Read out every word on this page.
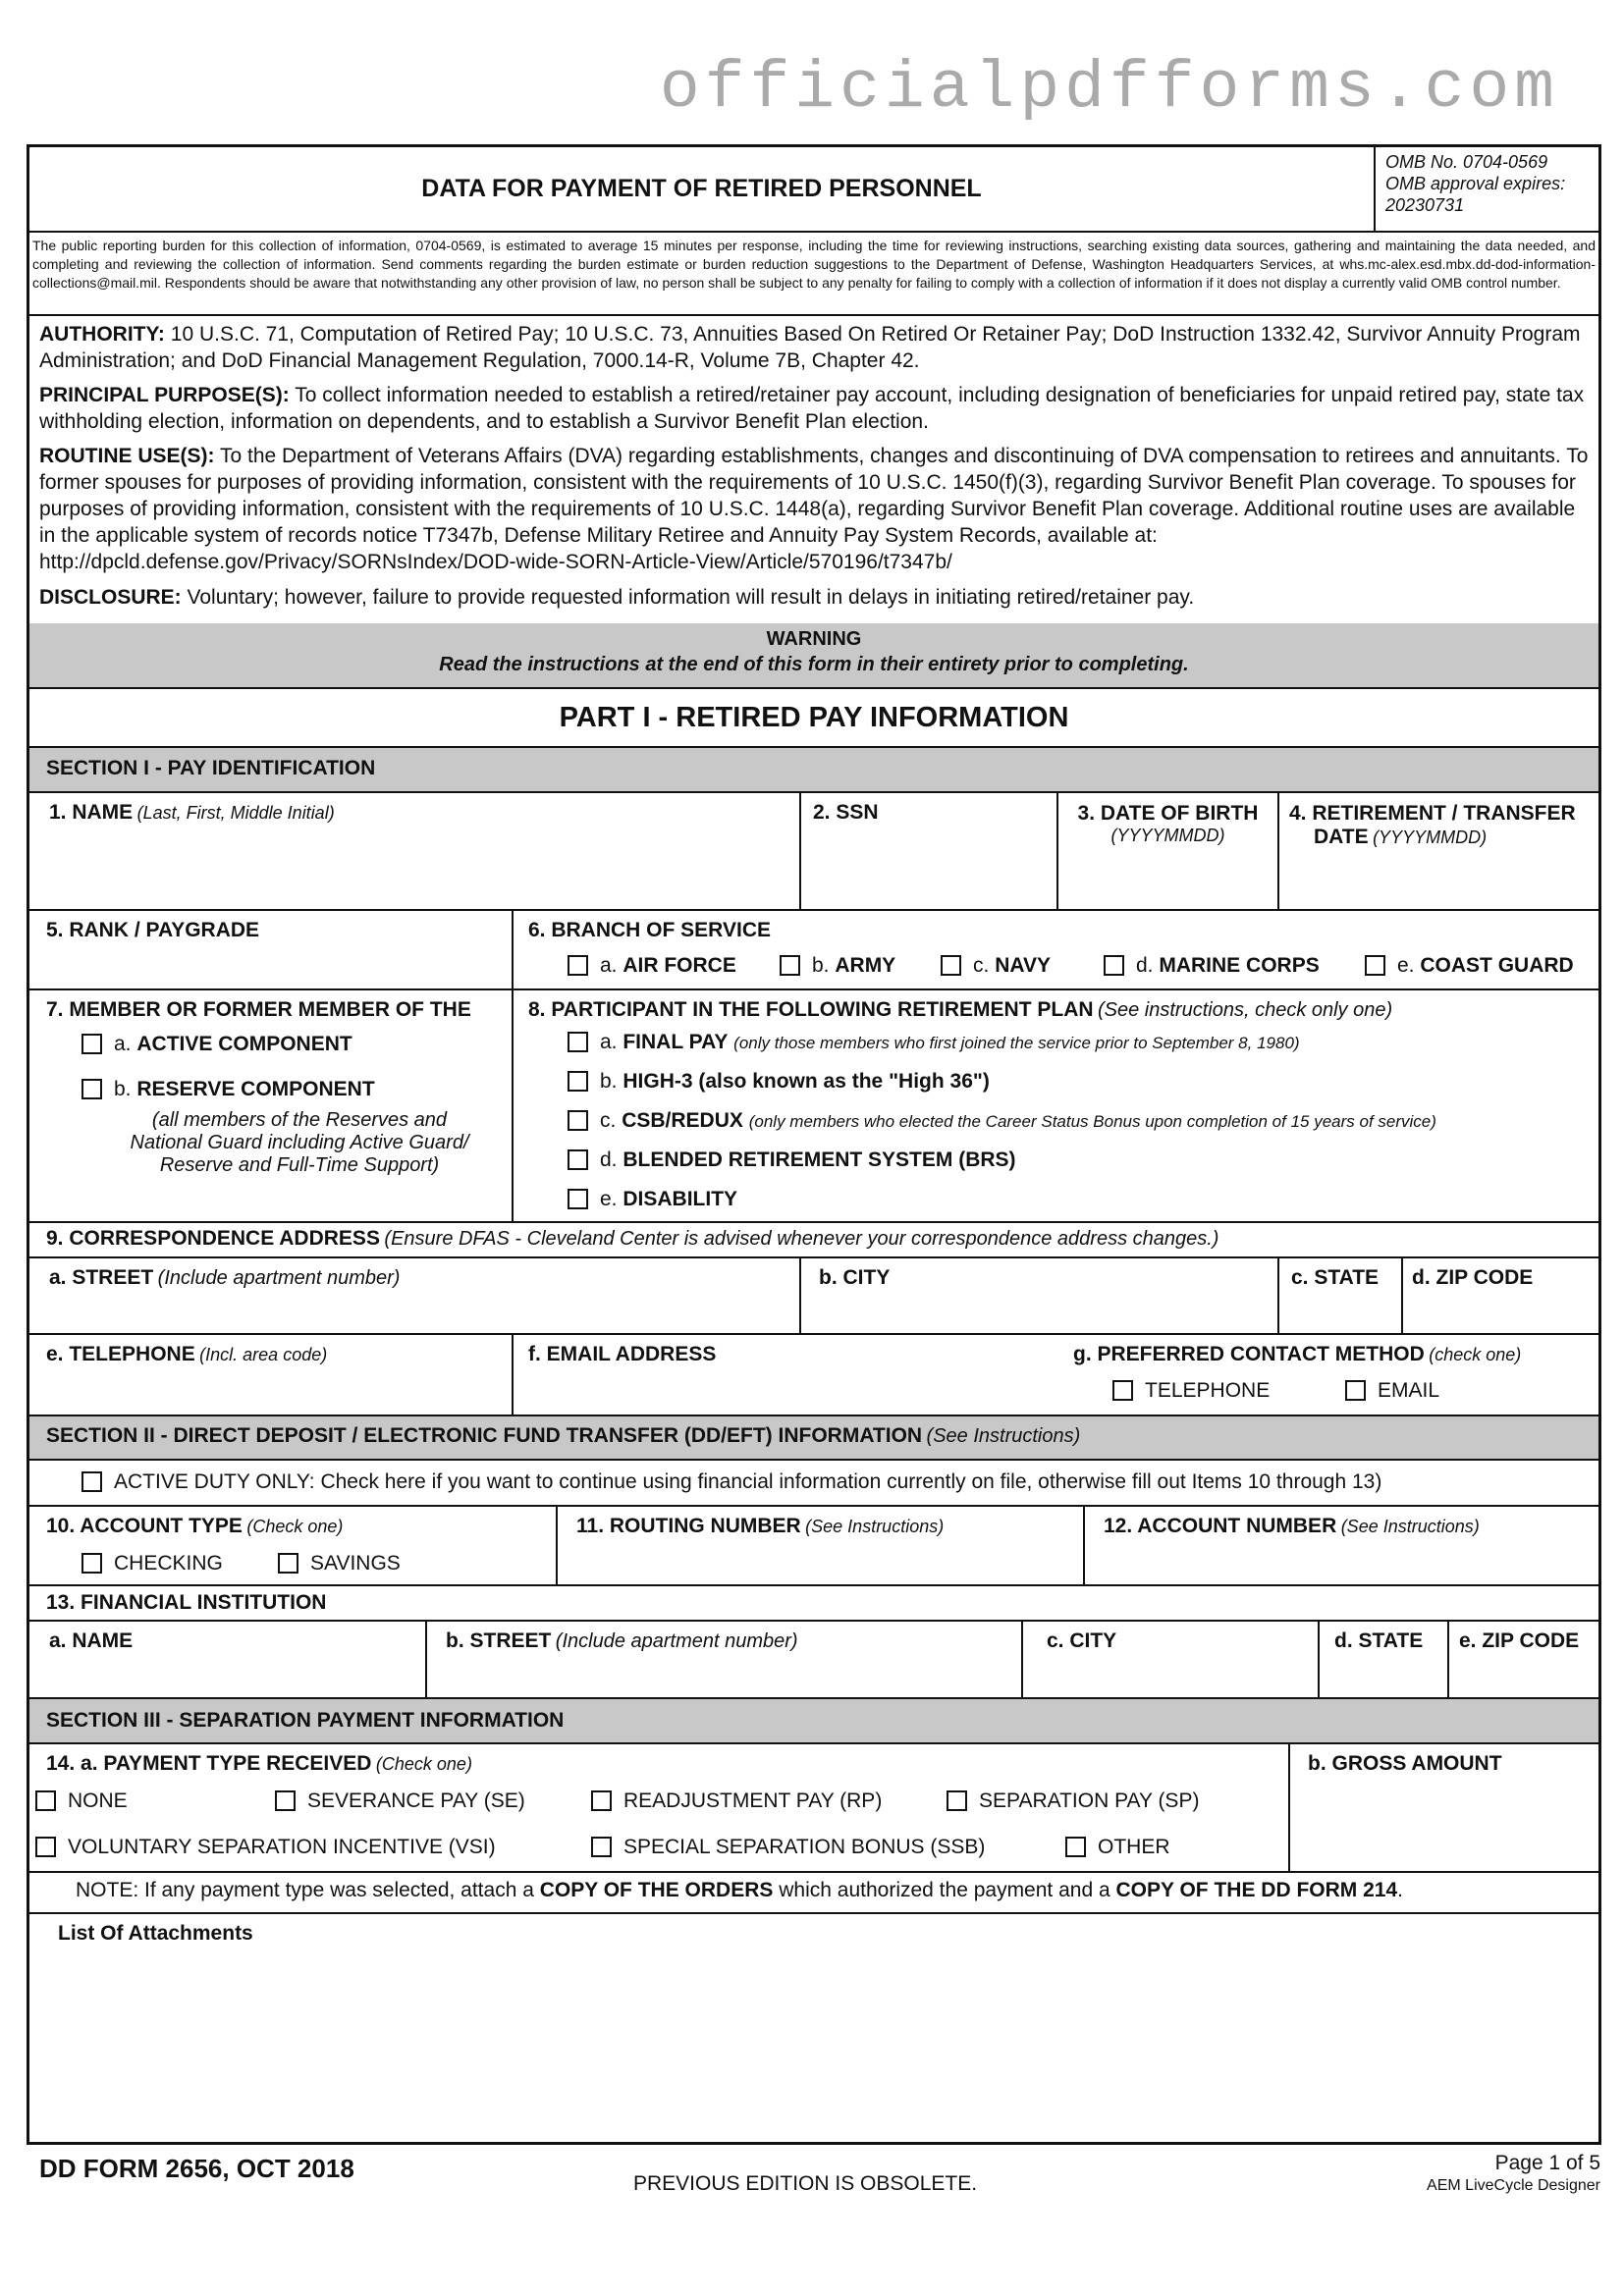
officialpdfforms.com
DATA FOR PAYMENT OF RETIRED PERSONNEL
OMB No. 0704-0569
OMB approval expires:
20230731
The public reporting burden for this collection of information, 0704-0569, is estimated to average 15 minutes per response, including the time for reviewing instructions, searching existing data sources, gathering and maintaining the data needed, and completing and reviewing the collection of information. Send comments regarding the burden estimate or burden reduction suggestions to the Department of Defense, Washington Headquarters Services, at whs.mc-alex.esd.mbx.dd-dod-information-collections@mail.mil. Respondents should be aware that notwithstanding any other provision of law, no person shall be subject to any penalty for failing to comply with a collection of information if it does not display a currently valid OMB control number.
AUTHORITY: 10 U.S.C. 71, Computation of Retired Pay; 10 U.S.C. 73, Annuities Based On Retired Or Retainer Pay; DoD Instruction 1332.42, Survivor Annuity Program Administration; and DoD Financial Management Regulation, 7000.14-R, Volume 7B, Chapter 42.
PRINCIPAL PURPOSE(S): To collect information needed to establish a retired/retainer pay account, including designation of beneficiaries for unpaid retired pay, state tax withholding election, information on dependents, and to establish a Survivor Benefit Plan election.
ROUTINE USE(S): To the Department of Veterans Affairs (DVA) regarding establishments, changes and discontinuing of DVA compensation to retirees and annuitants. To former spouses for purposes of providing information, consistent with the requirements of 10 U.S.C. 1450(f)(3), regarding Survivor Benefit Plan coverage. To spouses for purposes of providing information, consistent with the requirements of 10 U.S.C. 1448(a), regarding Survivor Benefit Plan coverage. Additional routine uses are available in the applicable system of records notice T7347b, Defense Military Retiree and Annuity Pay System Records, available at: http://dpcld.defense.gov/Privacy/SORNsIndex/DOD-wide-SORN-Article-View/Article/570196/t7347b/
DISCLOSURE: Voluntary; however, failure to provide requested information will result in delays in initiating retired/retainer pay.
WARNING
Read the instructions at the end of this form in their entirety prior to completing.
PART I - RETIRED PAY INFORMATION
SECTION I - PAY IDENTIFICATION
1. NAME (Last, First, Middle Initial)	2. SSN	3. DATE OF BIRTH
(YYYYMMDD)
4. RETIREMENT / TRANSFER
DATE (YYYYMMDD)
5. RANK / PAYGRADE	6. BRANCH OF SERVICE
a. AIR FORCE	b. ARMY	c. NAVY	d. MARINE CORPS	e. COAST GUARD
7. MEMBER OR FORMER MEMBER OF THE
a. ACTIVE COMPONENT
b. RESERVE COMPONENT
(all members of the Reserves and National Guard including Active Guard/ Reserve and Full-Time Support)
8. PARTICIPANT IN THE FOLLOWING RETIREMENT PLAN (See instructions, check only one)
a. FINAL PAY (only those members who first joined the service prior to September 8, 1980)
b. HIGH-3 (also known as the "High 36")
c. CSB/REDUX (only members who elected the Career Status Bonus upon completion of 15 years of service)
d. BLENDED RETIREMENT SYSTEM (BRS)
e. DISABILITY
9. CORRESPONDENCE ADDRESS (Ensure DFAS - Cleveland Center is advised whenever your correspondence address changes.)
a. STREET (Include apartment number)	b. CITY	c. STATE	d. ZIP CODE
e. TELEPHONE (Incl. area code)	f. EMAIL ADDRESS	g. PREFERRED CONTACT METHOD (check one)
TELEPHONE	EMAIL
SECTION II - DIRECT DEPOSIT / ELECTRONIC FUND TRANSFER (DD/EFT) INFORMATION (See Instructions)
ACTIVE DUTY ONLY: Check here if you want to continue using financial information currently on file, otherwise fill out Items 10 through 13)
10. ACCOUNT TYPE (Check one)
CHECKING	SAVINGS
11. ROUTING NUMBER (See Instructions)	12. ACCOUNT NUMBER (See Instructions)
13. FINANCIAL INSTITUTION
a. NAME	b. STREET (Include apartment number)	c. CITY	d. STATE	e. ZIP CODE
SECTION III - SEPARATION PAYMENT INFORMATION
14. a. PAYMENT TYPE RECEIVED (Check one)
NONE	SEVERANCE PAY (SE)	READJUSTMENT PAY (RP)	SEPARATION PAY (SP)
VOLUNTARY SEPARATION INCENTIVE (VSI)	SPECIAL SEPARATION BONUS (SSB)	OTHER
b. GROSS AMOUNT
NOTE: If any payment type was selected, attach a COPY OF THE ORDERS which authorized the payment and a COPY OF THE DD FORM 214.
List Of Attachments
DD FORM 2656, OCT 2018
PREVIOUS EDITION IS OBSOLETE.
Page 1 of 5
AEM LiveCycle Designer
